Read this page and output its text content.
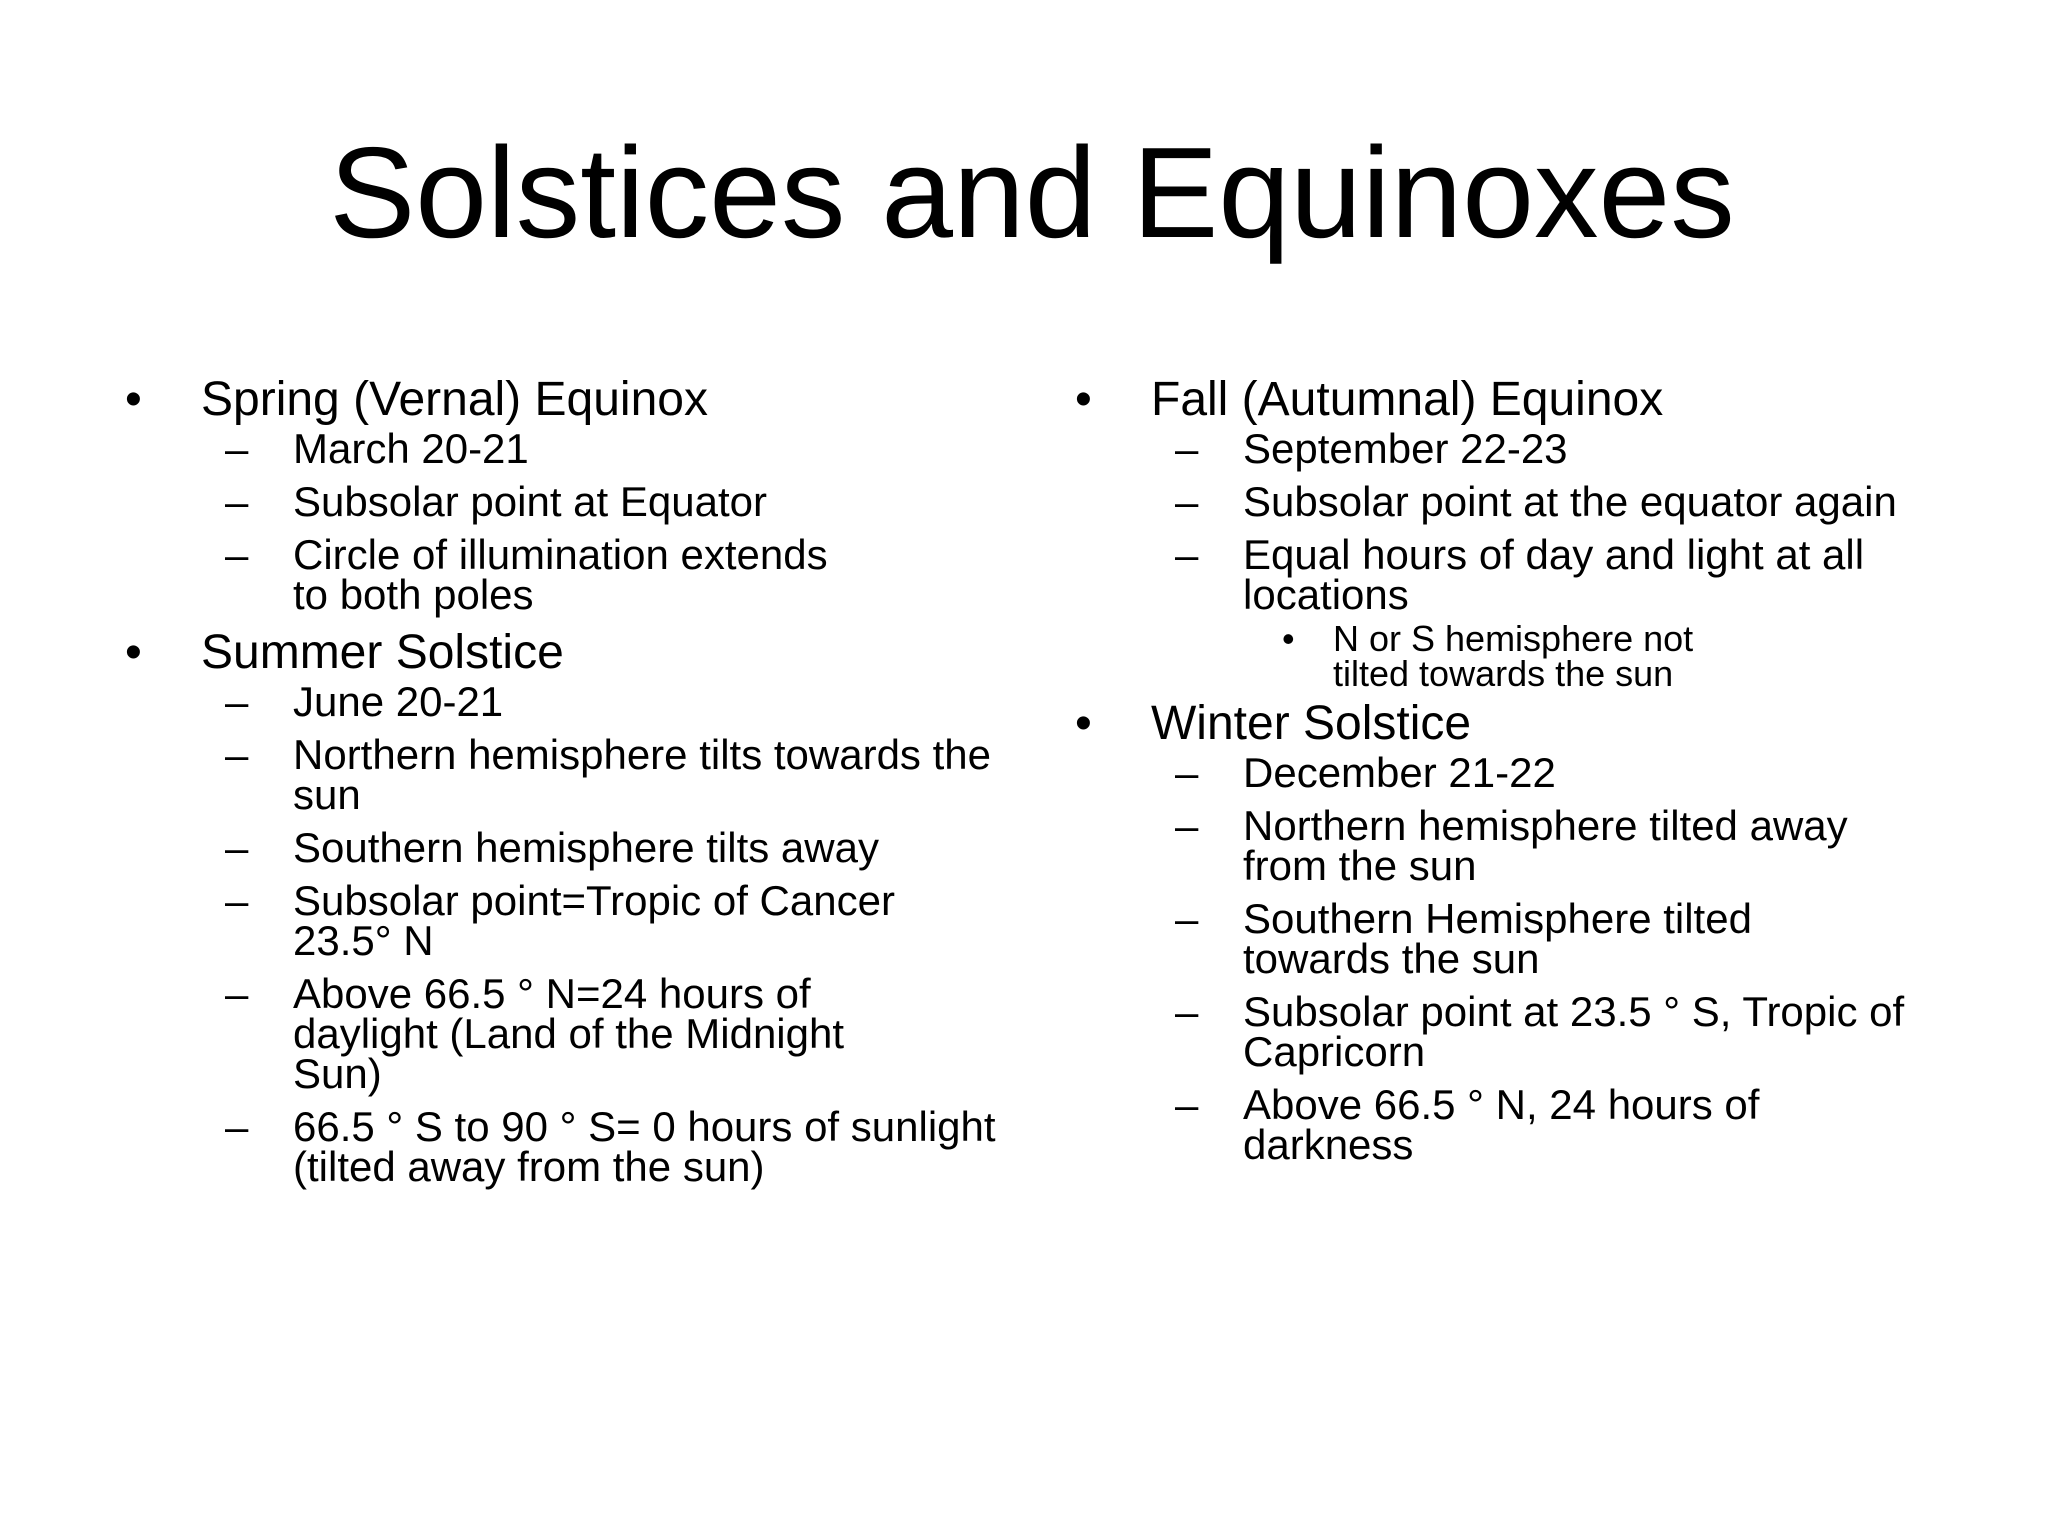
Solstices and Equinoxes
• Spring (Vernal) Equinox
– March 20-21
– Subsolar point at Equator
– Circle of illumination extends to both poles
• Summer Solstice
– June 20-21
– Northern hemisphere tilts towards the sun
– Southern hemisphere tilts away
– Subsolar point=Tropic of Cancer 23.5° N
– Above 66.5 ° N=24 hours of daylight (Land of the Midnight Sun)
– 66.5 ° S to 90 ° S= 0 hours of sunlight (tilted away from the sun)
• Fall (Autumnal) Equinox
– September 22-23
– Subsolar point at the equator again
– Equal hours of day and light at all locations
• N or S hemisphere not tilted towards the sun
• Winter Solstice
– December 21-22
– Northern hemisphere tilted away from the sun
– Southern Hemisphere tilted towards the sun
– Subsolar point at 23.5 ° S, Tropic of Capricorn
– Above 66.5 ° N, 24 hours of darkness
